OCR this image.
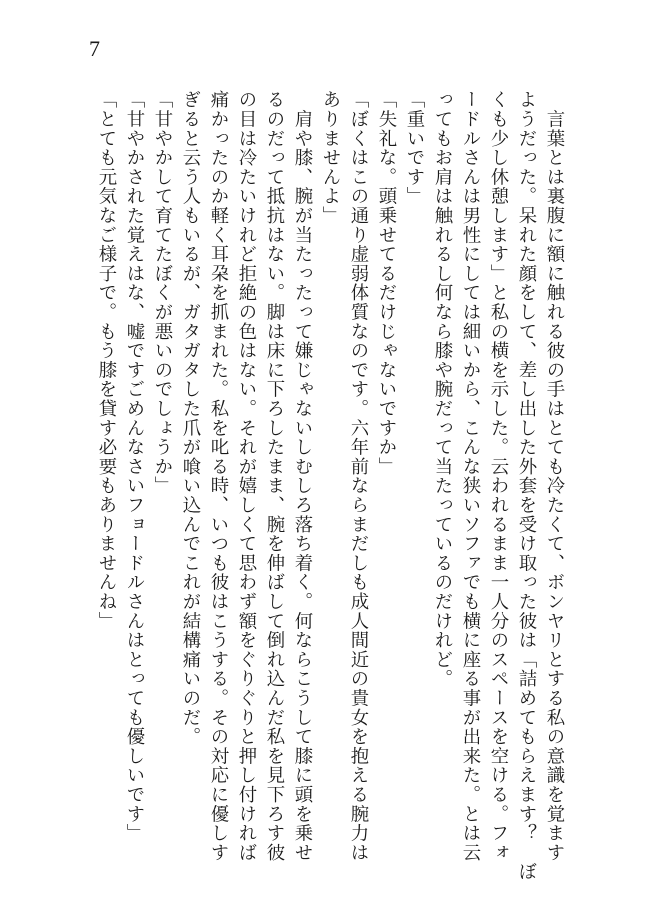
7
　言葉とは裏腹に額に触れる彼の手はとても冷たくて、ボンヤリとする私の意識を覚ます
ようだった。呆れた顔をして、差し出した外套を受け取った彼は「詰めてもらえます？　ぼ
くも少し休憩します」と私の横を示した。云われるまま一人分のスペースを空ける。フォ
ードルさんは男性にしては細いから、こんな狭いソファでも横に座る事が出来た。とは云
ってもお肩は触れるし何なら膝や腕だって当たっているのだけれど。
「重いです」
「失礼な。頭乗せてるだけじゃないですか」
「ぼくはこの通り虚弱体質なのです。六年前ならまだしも成人間近の貴女を抱える腕力は
ありませんよ」
　肩や膝、腕が当たったって嫌じゃないしむしろ落ち着く。何ならこうして膝に頭を乗せ
るのだって抵抗はない。脚は床に下ろしたまま、腕を伸ばして倒れ込んだ私を見下ろす彼
の目は冷たいけれど拒絶の色はない。それが嬉しくて思わず額をぐりぐりと押し付ければ
痛かったのか軽く耳朶を抓まれた。私を叱る時、いつも彼はこうする。その対応に優しす
ぎると云う人もいるが、ガタガタした爪が喰い込んでこれが結構痛いのだ。
「甘やかして育てたぼくが悪いのでしょうか」
「甘やかされた覚えはな、嘘ですごめんなさいフョードルさんはとっても優しいです」
「とても元気なご様子で。もう膝を貸す必要もありませんね」
